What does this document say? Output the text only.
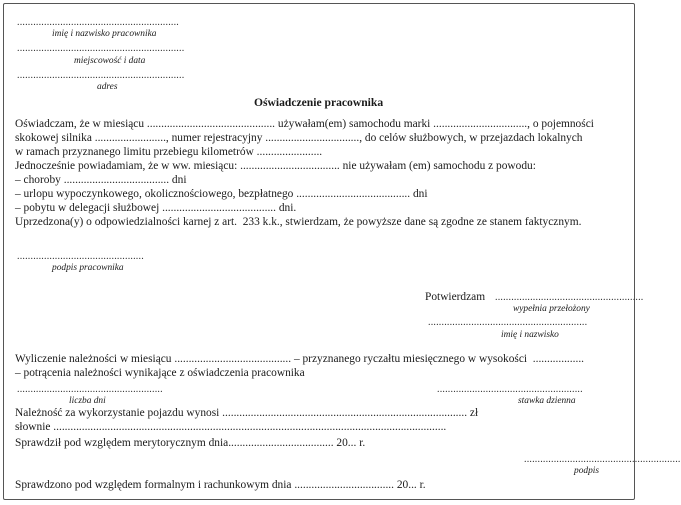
............................................................
imię i nazwisko pracownika
..............................................................
miejscowość i data
..............................................................
adres
Oświadczenie pracownika
Oświadczam, że w miesiącu ............................................. używałam(em) samochodu marki ................................., o pojemności
skokowej silnika ........................., numer rejestracyjny ................................., do celów służbowych, w przejazdach lokalnych
w ramach przyznanego limitu przebiegu kilometrów .......................
Jednocześnie powiadamiam, że w ww. miesiącu: ................................... nie używałam (em) samochodu z powodu:
– choroby ..................................... dni
– urlopu wypoczynkowego, okolicznościowego, bezpłatnego ........................................ dni
– pobytu w delegacji służbowej ........................................ dni.
Uprzedzona(y) o odpowiedzialności karnej z art.  233 k.k., stwierdzam, że powyższe dane są zgodne ze stanem faktycznym.
...............................................
podpis pracownika
Potwierdzam .......................................................
wypełnia przełożony
...........................................................
imię i nazwisko
Wyliczenie należności w miesiącu ......................................... – przyznanego ryczałtu miesięcznego w wysokości  ..................
– potrącenia należności wynikające z oświadczenia pracownika
......................................................
liczba dni
......................................................
stawka dzienna
Należność za wykorzystanie pojazdu wynosi ...................................................................................... zł
słownie ..........................................................................................................................................
Sprawdził pod względem merytorycznym dnia..................................... 20... r.
..........................................................
podpis
Sprawdzono pod względem formalnym i rachunkowym dnia ................................... 20... r.
